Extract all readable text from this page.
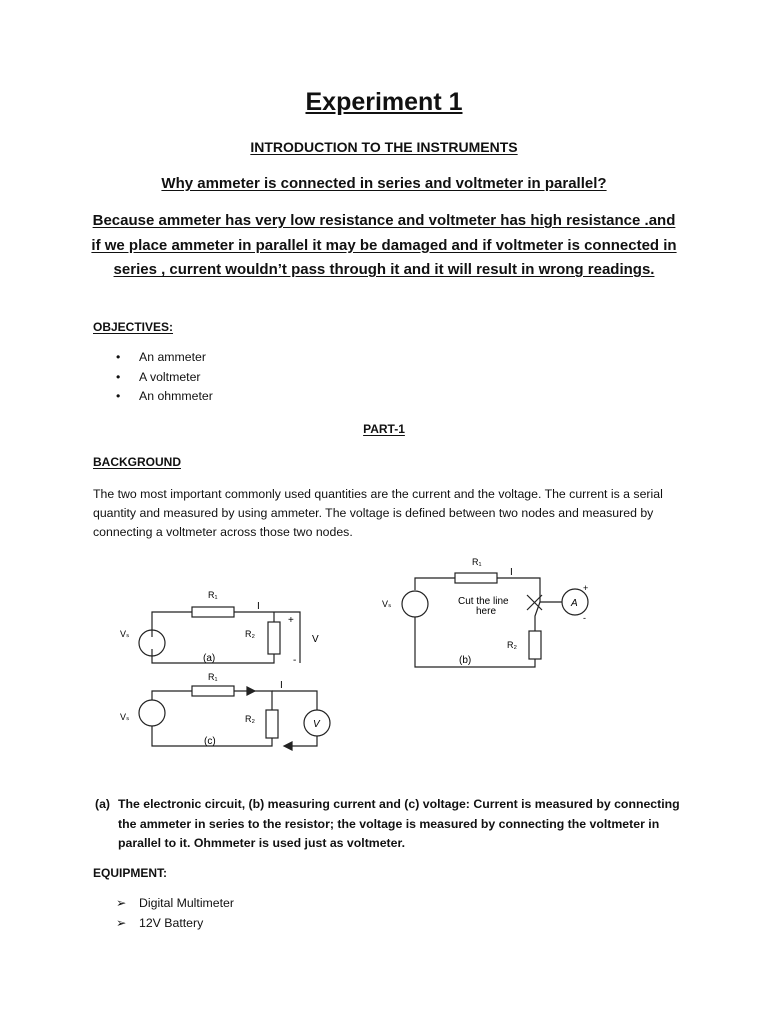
Experiment 1
INTRODUCTION TO THE INSTRUMENTS
Why ammeter is connected in series and voltmeter in parallel?
Because ammeter has very low resistance and voltmeter has high resistance .and if we place ammeter in parallel it may be damaged and if voltmeter is connected in series , current wouldn’t pass through it and it will result in wrong readings.
OBJECTIVES:
• An ammeter
• A voltmeter
• An ohmmeter
PART-1
BACKGROUND
The two most important commonly used quantities are the current and the voltage. The current is a serial quantity and measured by using ammeter. The voltage is defined between two nodes and measured by connecting a voltmeter across those two nodes.
R₁
I
+
-
R₂	V
Vₛ
(a)
R₁
I
Cut the line
here
A
+
-
R₂
Vₛ
(b)
R₁
I
R₂	V
Vₛ
(c)
(a) The electronic circuit, (b) measuring current and (c) voltage: Current is measured by connecting the ammeter in series to the resistor; the voltage is measured by connecting the voltmeter in parallel to it. Ohmmeter is used just as voltmeter.
EQUIPMENT:
➢ Digital Multimeter
➢ 12V Battery
